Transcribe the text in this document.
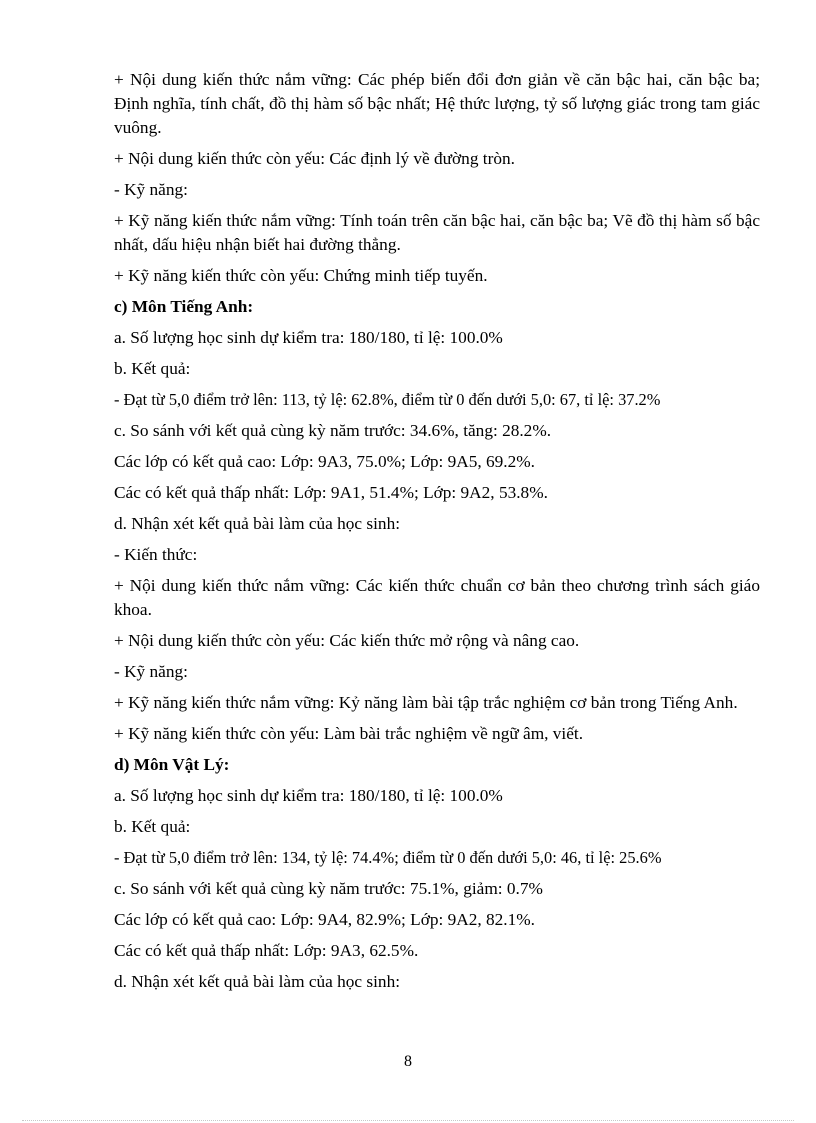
+ Nội dung kiến thức nắm vững: Các phép biến đổi đơn giản về căn bậc hai, căn bậc ba; Định nghĩa, tính chất, đồ thị hàm số bậc nhất; Hệ thức lượng, tỷ số lượng giác trong tam giác vuông.

+ Nội dung kiến thức còn yếu: Các định lý về đường tròn.

- Kỹ năng:

+ Kỹ năng kiến thức nắm vững: Tính toán trên căn bậc hai, căn bậc ba; Vẽ đồ thị hàm số bậc nhất, dấu hiệu nhận biết hai đường thẳng.

+ Kỹ năng kiến thức còn yếu: Chứng minh tiếp tuyến.

c) Môn Tiếng Anh:

a. Số lượng học sinh dự kiểm tra: 180/180, tỉ lệ: 100.0%

b. Kết quả:

- Đạt từ 5,0 điểm trở lên: 113, tỷ lệ: 62.8%, điểm từ 0 đến dưới 5,0: 67, tỉ lệ: 37.2%

c. So sánh với kết quả cùng kỳ năm trước: 34.6%, tăng: 28.2%.

Các lớp có kết quả cao: Lớp: 9A3, 75.0%; Lớp: 9A5, 69.2%.

Các có kết quả thấp nhất: Lớp: 9A1, 51.4%; Lớp: 9A2, 53.8%.

d. Nhận xét kết quả bài làm của học sinh:

- Kiến thức:

+ Nội dung kiến thức nắm vững: Các kiến thức chuẩn cơ bản theo chương trình sách giáo khoa.

+ Nội dung kiến thức còn yếu: Các kiến thức mở rộng và nâng cao.

- Kỹ năng:

+ Kỹ năng kiến thức nắm vững: Kỷ năng làm bài tập trắc nghiệm cơ bản trong Tiếng Anh.

+ Kỹ năng kiến thức còn yếu: Làm bài trắc nghiệm về ngữ âm, viết.

d) Môn Vật Lý:

a. Số lượng học sinh dự kiểm tra: 180/180, tỉ lệ: 100.0%

b. Kết quả:

- Đạt từ 5,0 điểm trở lên: 134, tỷ lệ: 74.4%; điểm từ 0 đến dưới 5,0: 46, tỉ lệ: 25.6%

c. So sánh với kết quả cùng kỳ năm trước: 75.1%, giảm: 0.7%

Các lớp có kết quả cao: Lớp: 9A4, 82.9%; Lớp: 9A2, 82.1%.

Các có kết quả thấp nhất: Lớp: 9A3, 62.5%.

d. Nhận xét kết quả bài làm của học sinh:

8
